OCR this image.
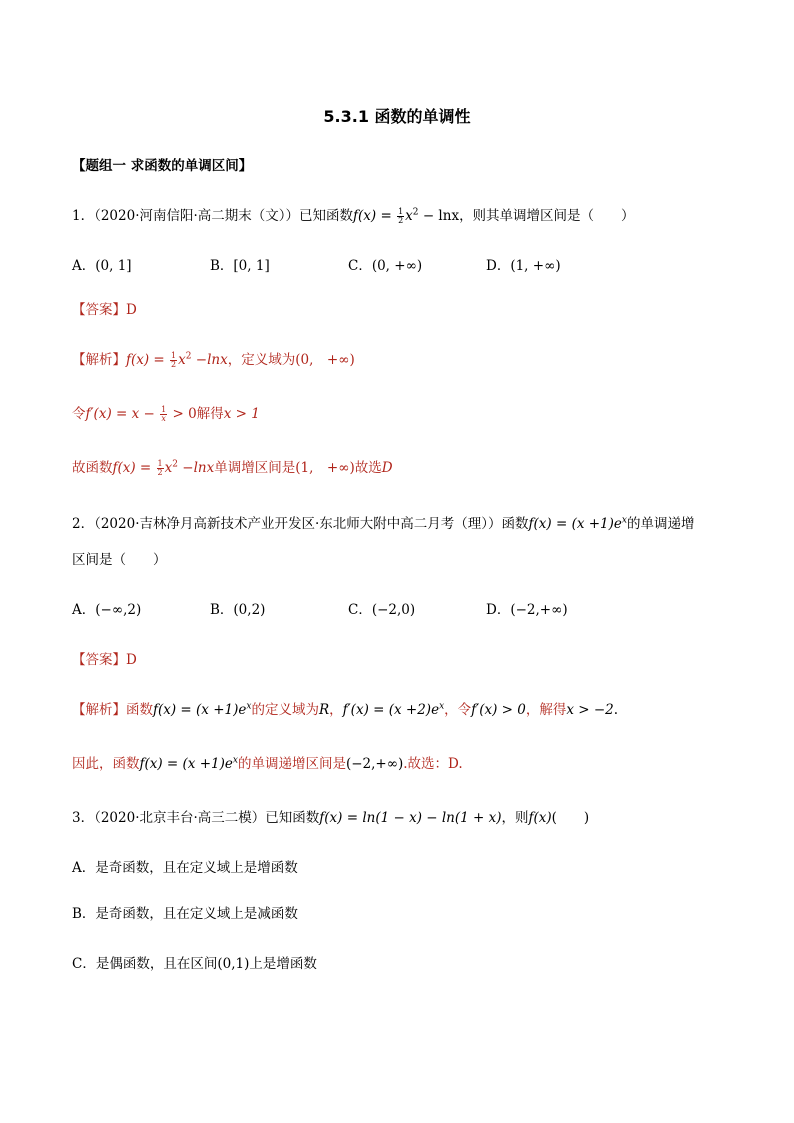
5.3.1 函数的单调性
【题组一 求函数的单调区间】
1．（2020·河南信阳·高二期末（文））已知函数$f(x) = \frac{1}{2} x^2 - \ln x$，则其单调增区间是（　　）
A．(0, 1]	B．[0, 1]	C．(0, +∞)	D．(1, +∞)
【答案】D
【解析】$f(x) = \frac{1}{2} x^2 -\ln x$，定义域为(0,　+∞)
令$f'(x) = x - \frac{1}{x} > 0$解得x > 1
故函数$f(x) = \frac{1}{2} x^2 -\ln x$单调增区间是(1,　+∞)故选D
2．（2020·吉林净月高新技术产业开发区·东北师大附中高二月考（理））函数$f(x) = (x +1)e^x$的单调递增
区间是（　　）
A．(−∞,2)	B．(0,2)	C．(−2,0)	D．(−2,+∞)
【答案】D
【解析】函数$f(x) = (x +1)e^x$的定义域为R，$f'(x) = (x +2)e^x$，令f′(x) > 0，解得x > −2.
因此，函数$f(x) = (x +1)e^x$的单调递增区间是(−2,+∞).故选：D.
3．（2020·北京丰台·高三二模）已知函数f(x) = ln(1 − x) − ln(1 + x)，则f(x)(　　)
A．是奇函数，且在定义域上是增函数
B．是奇函数，且在定义域上是减函数
C．是偶函数，且在区间(0,1)上是增函数
